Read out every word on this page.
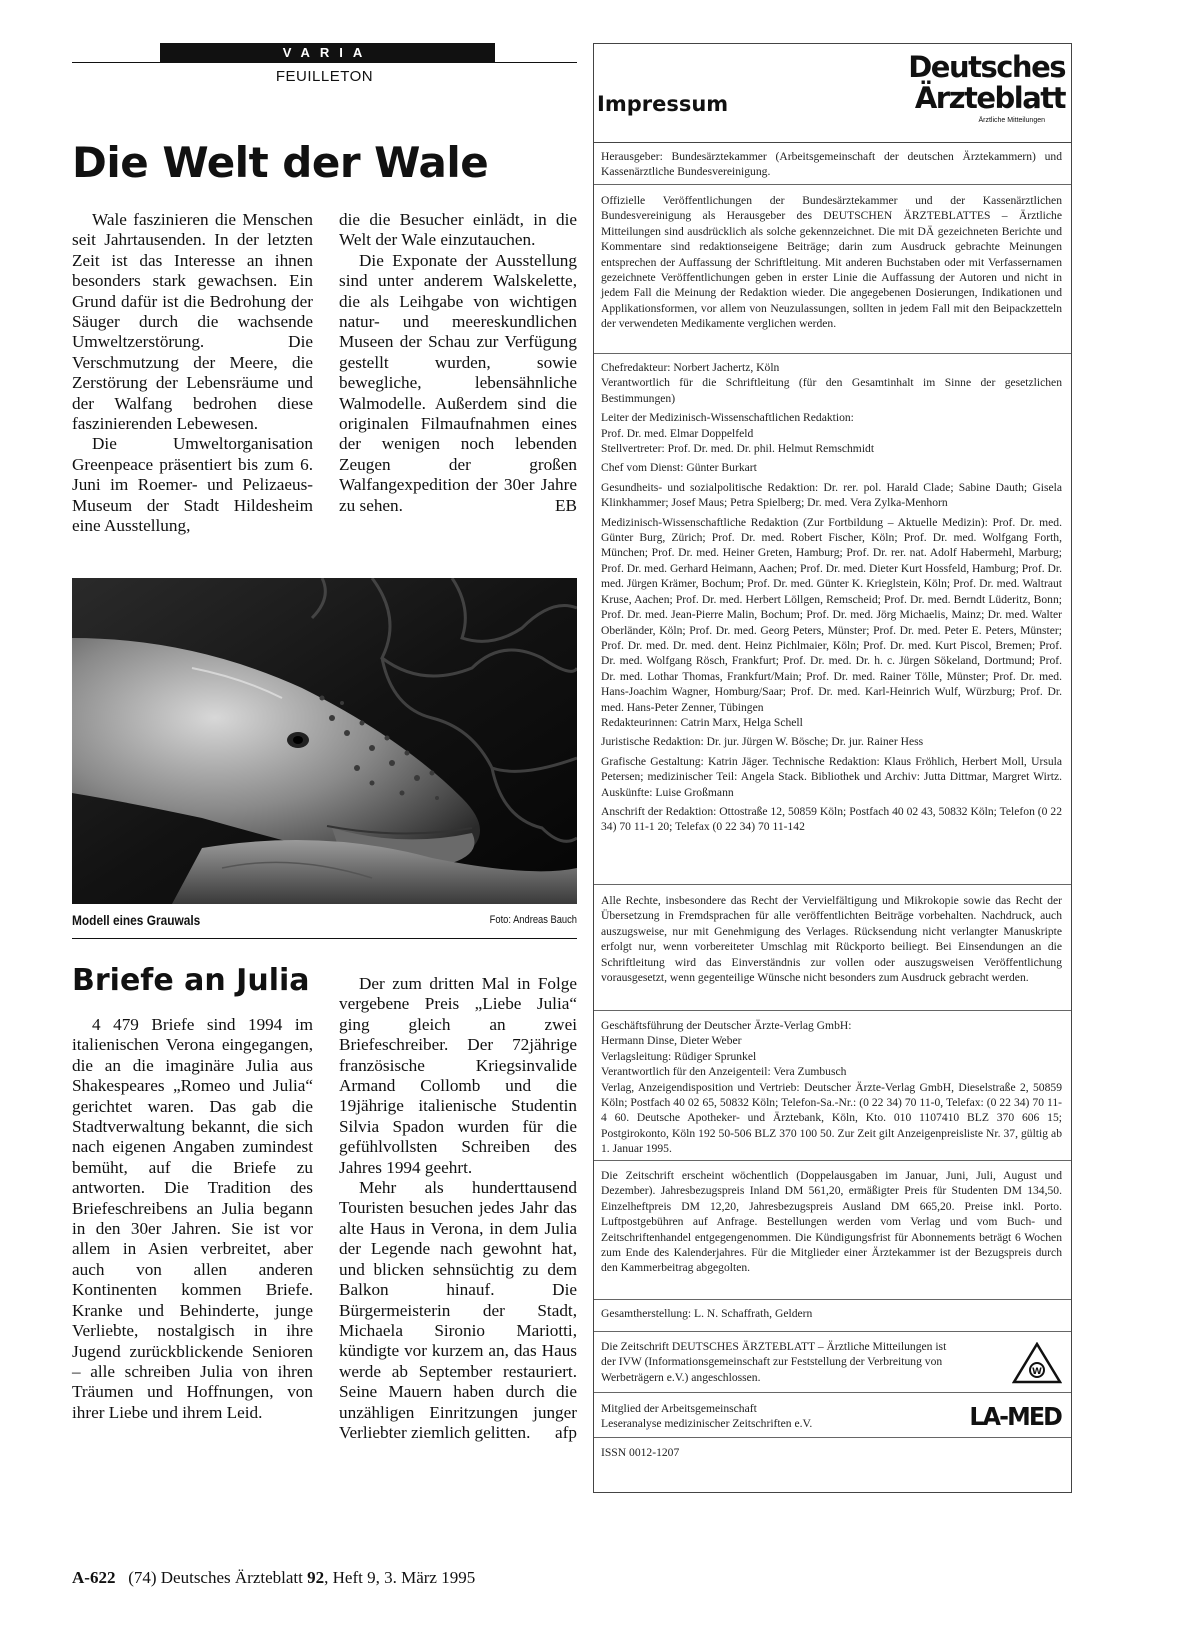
VARIA
FEUILLETON
Die Welt der Wale

Wale faszinieren die Menschen seit Jahrtausenden. In der letzten Zeit ist das Interesse an ihnen besonders stark gewachsen. Ein Grund dafür ist die Bedrohung der Säuger durch die wachsende Umweltzerstörung. Die Verschmutzung der Meere, die Zerstörung der Lebensräume und der Walfang bedrohen diese faszinierenden Lebewesen.

Die Umweltorganisation Greenpeace präsentiert bis zum 6. Juni im Roemer- und Pelizaeus-Museum der Stadt Hildesheim eine Ausstellung,

die die Besucher einlädt, in die Welt der Wale einzutauchen.

Die Exponate der Ausstellung sind unter anderem Walskelette, die als Leihgabe von wichtigen natur- und meereskundlichen Museen der Schau zur Verfügung gestellt wurden, sowie bewegliche, lebensähnliche Walmodelle. Außerdem sind die originalen Filmaufnahmen eines der wenigen noch lebenden Zeugen der großen Walfangexpedition der 30er Jahre zu sehen.	EB

Modell eines Grauwals	Foto: Andreas Bauch
Briefe an Julia

4 479 Briefe sind 1994 im italienischen Verona eingegangen, die an die imaginäre Julia aus Shakespeares „Romeo und Julia“ gerichtet waren. Das gab die Stadtverwaltung bekannt, die sich nach eigenen Angaben zumindest bemüht, auf die Briefe zu antworten. Die Tradition des Briefeschreibens an Julia begann in den 30er Jahren. Sie ist vor allem in Asien verbreitet, aber auch von allen anderen Kontinenten kommen Briefe. Kranke und Behinderte, junge Verliebte, nostalgisch in ihre Jugend zurückblickende Senioren – alle schreiben Julia von ihren Träumen und Hoffnungen, von ihrer Liebe und ihrem Leid.

Der zum dritten Mal in Folge vergebene Preis „Liebe Julia“ ging gleich an zwei Briefeschreiber. Der 72jährige französische Kriegsinvalide Armand Collomb und die 19jährige italienische Studentin Silvia Spadon wurden für die gefühlvollsten Schreiben des Jahres 1994 geehrt.

Mehr als hunderttausend Touristen besuchen jedes Jahr das alte Haus in Verona, in dem Julia der Legende nach gewohnt hat, und blicken sehnsüchtig zu dem Balkon hinauf. Die Bürgermeisterin der Stadt, Michaela Sironio Mariotti, kündigte vor kurzem an, das Haus werde ab September restauriert. Seine Mauern haben durch die unzähligen Einritzungen junger Verliebter ziemlich gelitten.	afp

A-622 (74) Deutsches Ärzteblatt 92, Heft 9, 3. März 1995
Impressum
Deutsches
Ärzteblatt
Ärztliche Mitteilungen

Herausgeber: Bundesärztekammer (Arbeitsgemeinschaft der deutschen Ärztekammern) und Kassenärztliche Bundesvereinigung.

Offizielle Veröffentlichungen der Bundesärztekammer und der Kassenärztlichen Bundesvereinigung als Herausgeber des DEUTSCHEN ÄRZTEBLATTES – Ärztliche Mitteilungen sind ausdrücklich als solche gekennzeichnet. Die mit DÄ gezeichneten Berichte und Kommentare sind redaktionseigene Beiträge; darin zum Ausdruck gebrachte Meinungen entsprechen der Auffassung der Schriftleitung. Mit anderen Buchstaben oder mit Verfassernamen gezeichnete Veröffentlichungen geben in erster Linie die Auffassung der Autoren und nicht in jedem Fall die Meinung der Redaktion wieder. Die angegebenen Dosierungen, Indikationen und Applikationsformen, vor allem von Neuzulassungen, sollten in jedem Fall mit den Beipackzetteln der verwendeten Medikamente verglichen werden.

Chefredakteur: Norbert Jachertz, Köln

Verantwortlich für die Schriftleitung (für den Gesamtinhalt im Sinne der gesetzlichen Bestimmungen)

Leiter der Medizinisch-Wissenschaftlichen Redaktion:

Prof. Dr. med. Elmar Doppelfeld

Stellvertreter: Prof. Dr. med. Dr. phil. Helmut Remschmidt

Chef vom Dienst: Günter Burkart

Gesundheits- und sozialpolitische Redaktion: Dr. rer. pol. Harald Clade; Sabine Dauth; Gisela Klinkhammer; Josef Maus; Petra Spielberg; Dr. med. Vera Zylka-Menhorn

Medizinisch-Wissenschaftliche Redaktion (Zur Fortbildung – Aktuelle Medizin): Prof. Dr. med. Günter Burg, Zürich; Prof. Dr. med. Robert Fischer, Köln; Prof. Dr. med. Wolfgang Forth, München; Prof. Dr. med. Heiner Greten, Hamburg; Prof. Dr. rer. nat. Adolf Habermehl, Marburg; Prof. Dr. med. Gerhard Heimann, Aachen; Prof. Dr. med. Dieter Kurt Hossfeld, Hamburg; Prof. Dr. med. Jürgen Krämer, Bochum; Prof. Dr. med. Günter K. Krieglstein, Köln; Prof. Dr. med. Waltraut Kruse, Aachen; Prof. Dr. med. Herbert Löllgen, Remscheid; Prof. Dr. med. Berndt Lüderitz, Bonn; Prof. Dr. med. Jean-Pierre Malin, Bochum; Prof. Dr. med. Jörg Michaelis, Mainz; Dr. med. Walter Oberländer, Köln; Prof. Dr. med. Georg Peters, Münster; Prof. Dr. med. Peter E. Peters, Münster; Prof. Dr. med. Dr. med. dent. Heinz Pichlmaier, Köln; Prof. Dr. med. Kurt Piscol, Bremen; Prof. Dr. med. Wolfgang Rösch, Frankfurt; Prof. Dr. med. Dr. h. c. Jürgen Sökeland, Dortmund; Prof. Dr. med. Lothar Thomas, Frankfurt/Main; Prof. Dr. med. Rainer Tölle, Münster; Prof. Dr. med. Hans-Joachim Wagner, Homburg/Saar; Prof. Dr. med. Karl-Heinrich Wulf, Würzburg; Prof. Dr. med. Hans-Peter Zenner, Tübingen

Redakteurinnen: Catrin Marx, Helga Schell

Juristische Redaktion: Dr. jur. Jürgen W. Bösche; Dr. jur. Rainer Hess

Grafische Gestaltung: Katrin Jäger. Technische Redaktion: Klaus Fröhlich, Herbert Moll, Ursula Petersen; medizinischer Teil: Angela Stack. Bibliothek und Archiv: Jutta Dittmar, Margret Wirtz. Auskünfte: Luise Großmann

Anschrift der Redaktion: Ottostraße 12, 50859 Köln; Postfach 40 02 43, 50832 Köln; Telefon (0 22 34) 70 11-1 20; Telefax (0 22 34) 70 11-142

Alle Rechte, insbesondere das Recht der Vervielfältigung und Mikrokopie sowie das Recht der Übersetzung in Fremdsprachen für alle veröffentlichten Beiträge vorbehalten. Nachdruck, auch auszugsweise, nur mit Genehmigung des Verlages. Rücksendung nicht verlangter Manuskripte erfolgt nur, wenn vorbereiteter Umschlag mit Rückporto beiliegt. Bei Einsendungen an die Schriftleitung wird das Einverständnis zur vollen oder auszugsweisen Veröffentlichung vorausgesetzt, wenn gegenteilige Wünsche nicht besonders zum Ausdruck gebracht werden.

Geschäftsführung der Deutscher Ärzte-Verlag GmbH:

Hermann Dinse, Dieter Weber

Verlagsleitung: Rüdiger Sprunkel

Verantwortlich für den Anzeigenteil: Vera Zumbusch

Verlag, Anzeigendisposition und Vertrieb: Deutscher Ärzte-Verlag GmbH, Dieselstraße 2, 50859 Köln; Postfach 40 02 65, 50832 Köln; Telefon-Sa.-Nr.: (0 22 34) 70 11-0, Telefax: (0 22 34) 70 11-4 60. Deutsche Apotheker- und Ärztebank, Köln, Kto. 010 1107410 BLZ 370 606 15; Postgirokonto, Köln 192 50-506 BLZ 370 100 50. Zur Zeit gilt Anzeigenpreisliste Nr. 37, gültig ab 1. Januar 1995.

Die Zeitschrift erscheint wöchentlich (Doppelausgaben im Januar, Juni, Juli, August und Dezember). Jahresbezugspreis Inland DM 561,20, ermäßigter Preis für Studenten DM 134,50. Einzelheftpreis DM 12,20, Jahresbezugspreis Ausland DM 665,20. Preise inkl. Porto. Luftpostgebühren auf Anfrage. Bestellungen werden vom Verlag und vom Buch- und Zeitschriftenhandel entgegengenommen. Die Kündigungsfrist für Abonnements beträgt 6 Wochen zum Ende des Kalenderjahres. Für die Mitglieder einer Ärztekammer ist der Bezugspreis durch den Kammerbeitrag abgegolten.

Gesamtherstellung: L. N. Schaffrath, Geldern

Die Zeitschrift DEUTSCHES ÄRZTEBLATT – Ärztliche Mitteilungen ist der IVW (Informationsgemeinschaft zur Feststellung der Verbreitung von Werbeträgern e.V.) angeschlossen.	W

Mitglied der Arbeitsgemeinschaft

Leseranalyse medizinischer Zeitschriften e.V.	LA-MED

ISSN 0012-1207
